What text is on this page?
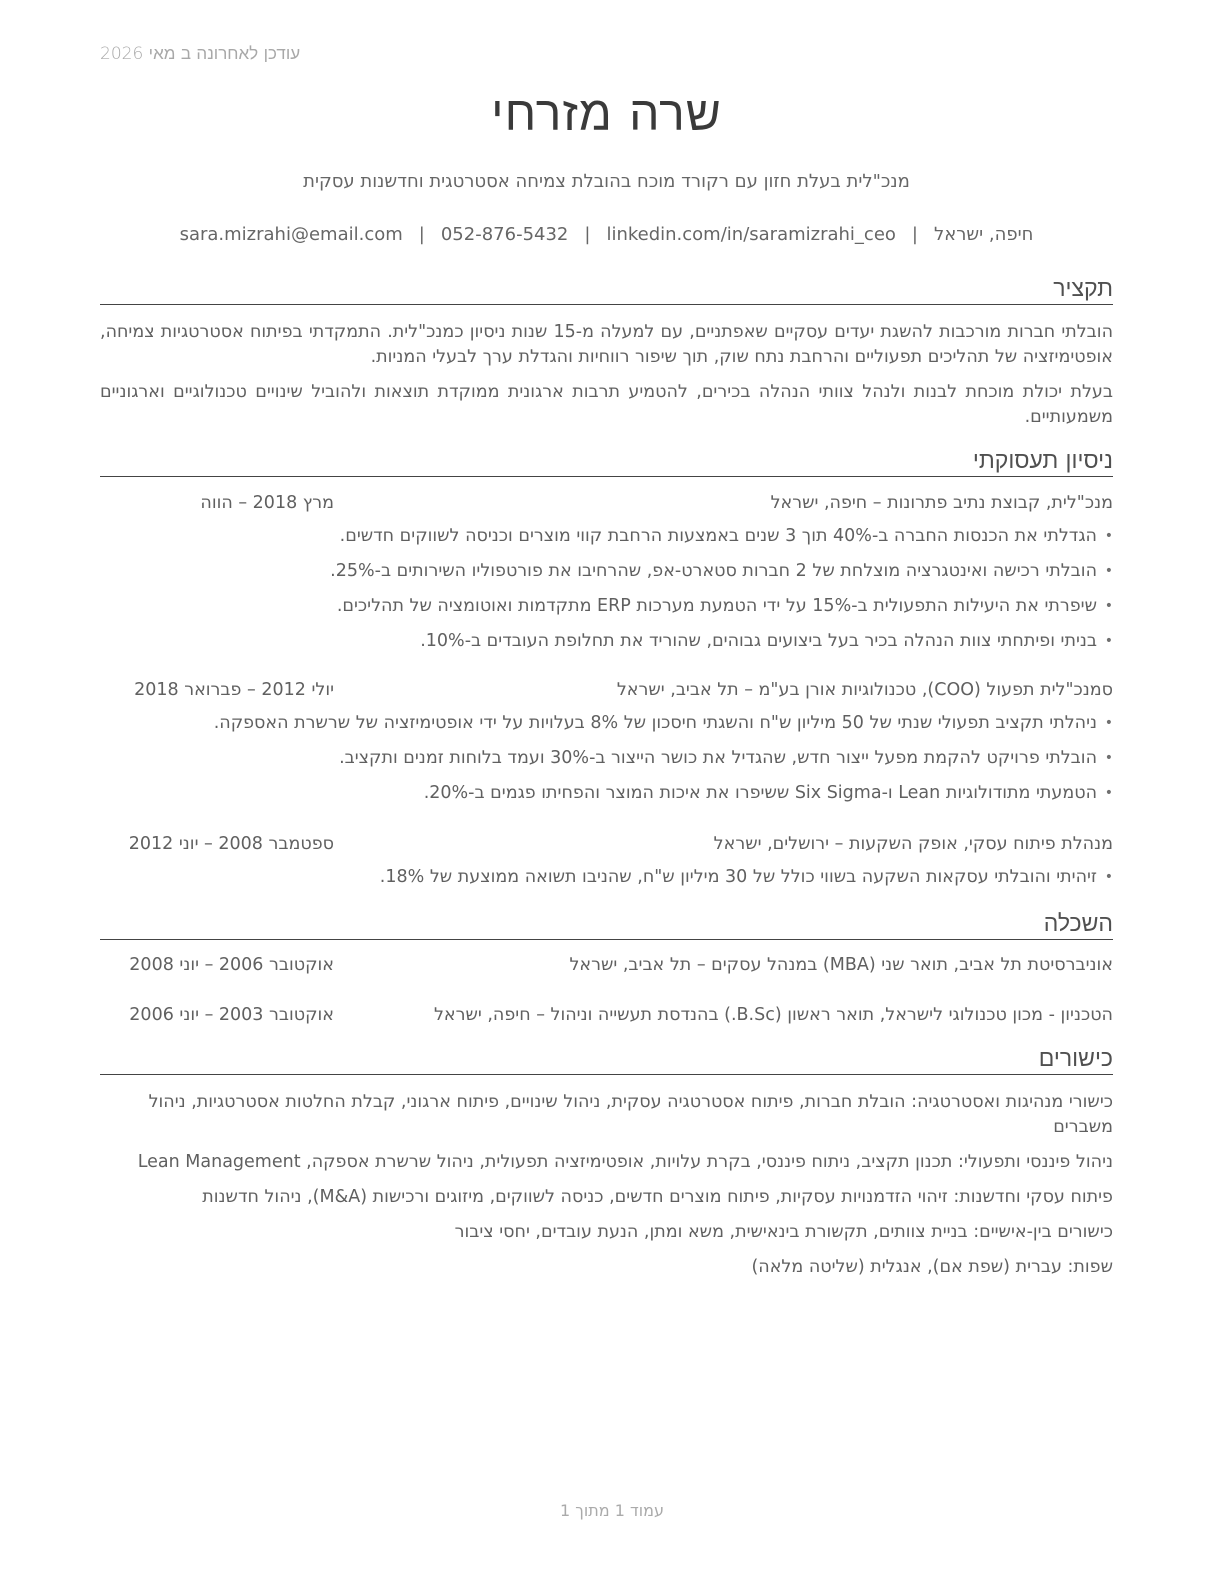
עודכן לאחרונה ב מאי 2026
שרה מזרחי
מנכ"לית בעלת חזון עם רקורד מוכח בהובלת צמיחה אסטרטגית וחדשנות עסקית
חיפה, ישראל|sara.mizrahi@email.com | 052-876-5432 | linkedin.com/in/saramizrahi_ceo
תקציר

הובלתי חברות מורכבות להשגת יעדים עסקיים שאפתניים, עם למעלה מ-15 שנות ניסיון כמנכ"לית. התמקדתי בפיתוח אסטרטגיות צמיחה, אופטימיזציה של תהליכים תפעוליים והרחבת נתח שוק, תוך שיפור רווחיות והגדלת ערך לבעלי המניות.

בעלת יכולת מוכחת לבנות ולנהל צוותי הנהלה בכירים, להטמיע תרבות ארגונית ממוקדת תוצאות ולהוביל שינויים טכנולוגיים וארגוניים משמעותיים.

ניסיון תעסוקתי
מנכ"לית, קבוצת נתיב פתרונות – חיפה, ישראל
מרץ 2018 – הווה
• הגדלתי את הכנסות החברה ב-40% תוך 3 שנים באמצעות הרחבת קווי מוצרים וכניסה לשווקים חדשים.
• הובלתי רכישה ואינטגרציה מוצלחת של 2 חברות סטארט-אפ, שהרחיבו את פורטפוליו השירותים ב-25%.
• שיפרתי את היעילות התפעולית ב-15% על ידי הטמעת מערכות ERP מתקדמות ואוטומציה של תהליכים.
• בניתי ופיתחתי צוות הנהלה בכיר בעל ביצועים גבוהים, שהוריד את תחלופת העובדים ב-10%.
סמנכ"לית תפעול (COO), טכנולוגיות אורן בע"מ – תל אביב, ישראל
יולי 2012 – פברואר 2018
• ניהלתי תקציב תפעולי שנתי של 50 מיליון ש"ח והשגתי חיסכון של 8% בעלויות על ידי אופטימיזציה של שרשרת האספקה.
• הובלתי פרויקט להקמת מפעל ייצור חדש, שהגדיל את כושר הייצור ב-30% ועמד בלוחות זמנים ותקציב.
• הטמעתי מתודולוגיות Lean ו-Six Sigma ששיפרו את איכות המוצר והפחיתו פגמים ב-20%.
מנהלת פיתוח עסקי, אופק השקעות – ירושלים, ישראל
ספטמבר 2008 – יוני 2012
• זיהיתי והובלתי עסקאות השקעה בשווי כולל של 30 מיליון ש"ח, שהניבו תשואה ממוצעת של 18%.
השכלה
אוניברסיטת תל אביב, תואר שני (MBA) במנהל עסקים – תל אביב, ישראל
אוקטובר 2006 – יוני 2008
הטכניון - מכון טכנולוגי לישראל, תואר ראשון (B.Sc.) בהנדסת תעשייה וניהול – חיפה, ישראל
אוקטובר 2003 – יוני 2006
כישורים

כישורי מנהיגות ואסטרטגיה: הובלת חברות, פיתוח אסטרטגיה עסקית, ניהול שינויים, פיתוח ארגוני, קבלת החלטות אסטרטגיות, ניהול משברים

ניהול פיננסי ותפעולי: תכנון תקציב, ניתוח פיננסי, בקרת עלויות, אופטימיזציה תפעולית, ניהול שרשרת אספקה, Lean Management

פיתוח עסקי וחדשנות: זיהוי הזדמנויות עסקיות, פיתוח מוצרים חדשים, כניסה לשווקים, מיזוגים ורכישות (M&A), ניהול חדשנות

כישורים בין-אישיים: בניית צוותים, תקשורת בינאישית, משא ומתן, הנעת עובדים, יחסי ציבור

שפות: עברית (שפת אם), אנגלית (שליטה מלאה)

עמוד 1 מתוך 1
